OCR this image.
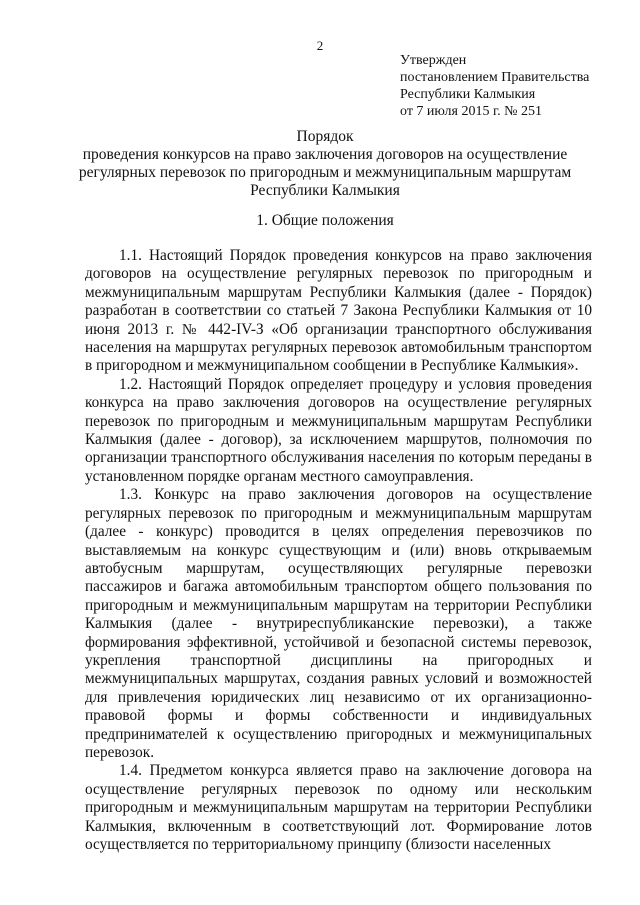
2
Утвержден
постановлением Правительства
Республики Калмыкия
от 7 июля 2015 г. № 251
Порядок
проведения конкурсов на право заключения договоров на осуществление
регулярных перевозок по пригородным и межмуниципальным маршрутам
Республики Калмыкия
1. Общие положения

1.1. Настоящий Порядок проведения конкурсов на право заключения договоров на осуществление регулярных перевозок по пригородным и межмуниципальным маршрутам Республики Калмыкия (далее - Порядок) разработан в соответствии со статьей 7 Закона Республики Калмыкия от 10 июня 2013 г. № 442-IV-З «Об организации транспортного обслуживания населения на маршрутах регулярных перевозок автомобильным транспортом в пригородном и межмуниципальном сообщении в Республике Калмыкия».

1.2. Настоящий Порядок определяет процедуру и условия проведения конкурса на право заключения договоров на осуществление регулярных перевозок по пригородным и межмуниципальным маршрутам Республики Калмыкия (далее - договор), за исключением маршрутов, полномочия по организации транспортного обслуживания населения по которым переданы в установленном порядке органам местного самоуправления.

1.3. Конкурс на право заключения договоров на осуществление регулярных перевозок по пригородным и межмуниципальным маршрутам (далее - конкурс) проводится в целях определения перевозчиков по выставляемым на конкурс существующим и (или) вновь открываемым автобусным маршрутам, осуществляющих регулярные перевозки пассажиров и багажа автомобильным транспортом общего пользования по пригородным и межмуниципальным маршрутам на территории Республики Калмыкия (далее - внутриреспубликанские перевозки), а также формирования эффективной, устойчивой и безопасной системы перевозок, укрепления транспортной дисциплины на пригородных и межмуниципальных маршрутах, создания равных условий и возможностей для привлечения юридических лиц независимо от их организационно-правовой формы и формы собственности и индивидуальных предпринимателей к осуществлению пригородных и межмуниципальных перевозок.

1.4. Предметом конкурса является право на заключение договора на осуществление регулярных перевозок по одному или нескольким пригородным и межмуниципальным маршрутам на территории Республики Калмыкия, включенным в соответствующий лот. Формирование лотов осуществляется по территориальному принципу (близости населенных
